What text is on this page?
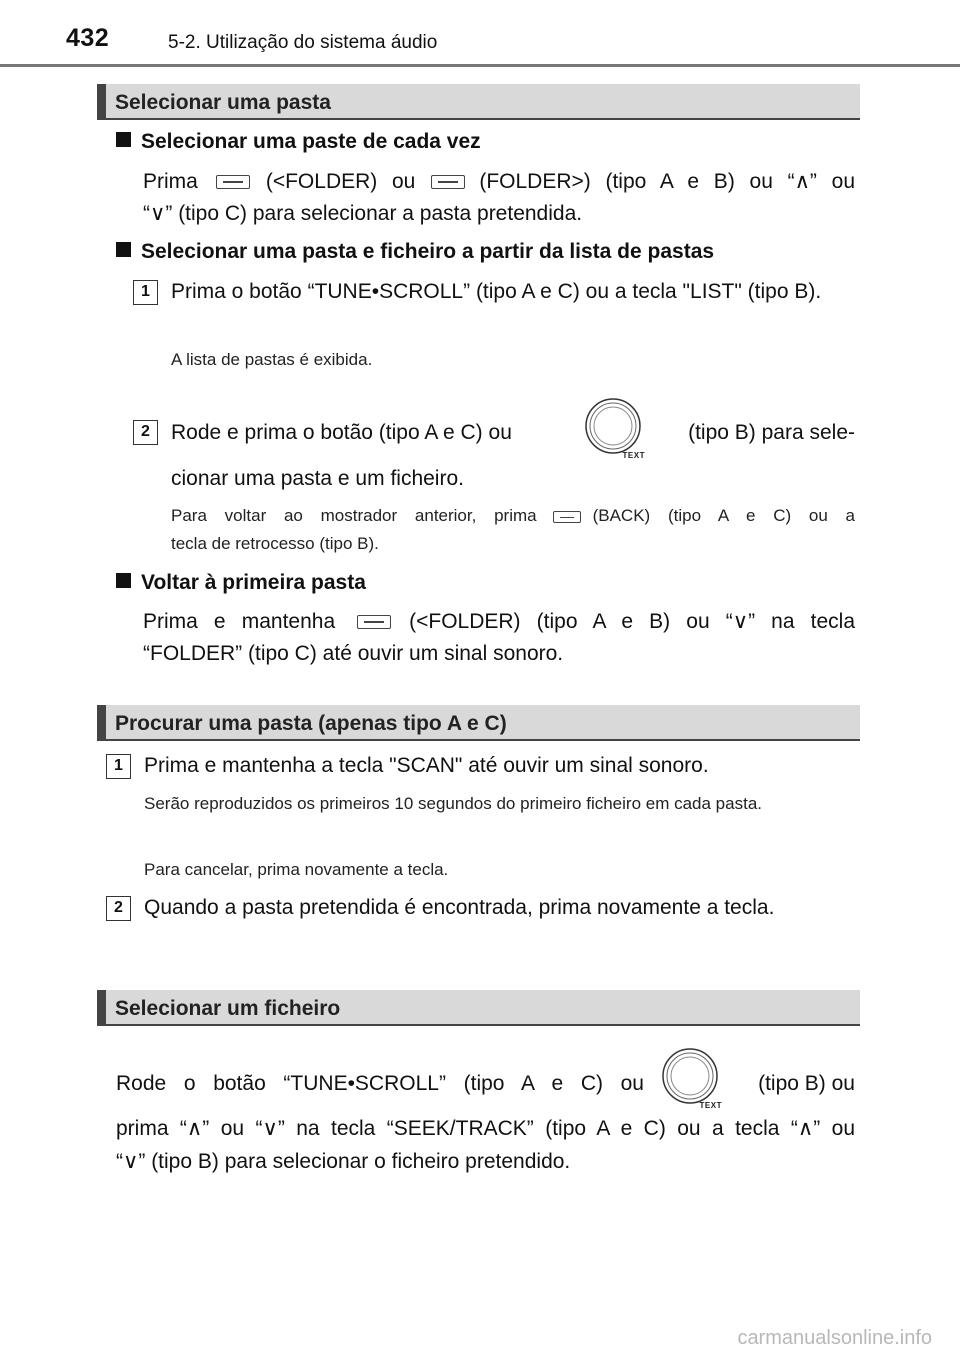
432	5-2. Utilização do sistema áudio
Selecionar uma pasta
Selecionar uma paste de cada vez
Prima	(<FOLDER) ou	(FOLDER>) (tipo A e B) ou “∧” ou
“∨” (tipo C) para selecionar a pasta pretendida.
Selecionar uma pasta e ficheiro a partir da lista de pastas
1	Prima o botão “TUNE•SCROLL” (tipo A e C) ou a tecla "LIST" (tipo B).
A lista de pastas é exibida.
2	Rode e prima o botão (tipo A e C) ou
TEXT
(tipo B) para sele-
cionar uma pasta e um ficheiro.
Para voltar ao mostrador anterior, prima	(BACK) (tipo A e C) ou a
tecla de retrocesso (tipo B).
Voltar à primeira pasta
Prima e mantenha	(<FOLDER) (tipo A e B) ou “∨” na tecla
“FOLDER” (tipo C) até ouvir um sinal sonoro.
Procurar uma pasta (apenas tipo A e C)
1	Prima e mantenha a tecla "SCAN" até ouvir um sinal sonoro.
Serão reproduzidos os primeiros 10 segundos do primeiro ficheiro em cada pasta.
Para cancelar, prima novamente a tecla.
2	Quando a pasta pretendida é encontrada, prima novamente a tecla.
Selecionar um ficheiro
Rode o botão “TUNE•SCROLL” (tipo A e C) ou
TEXT
(tipo B) ou
prima “∧” ou “∨” na tecla “SEEK/TRACK” (tipo A e C) ou a tecla “∧” ou
“∨” (tipo B) para selecionar o ficheiro pretendido.
carmanualsonline.info
